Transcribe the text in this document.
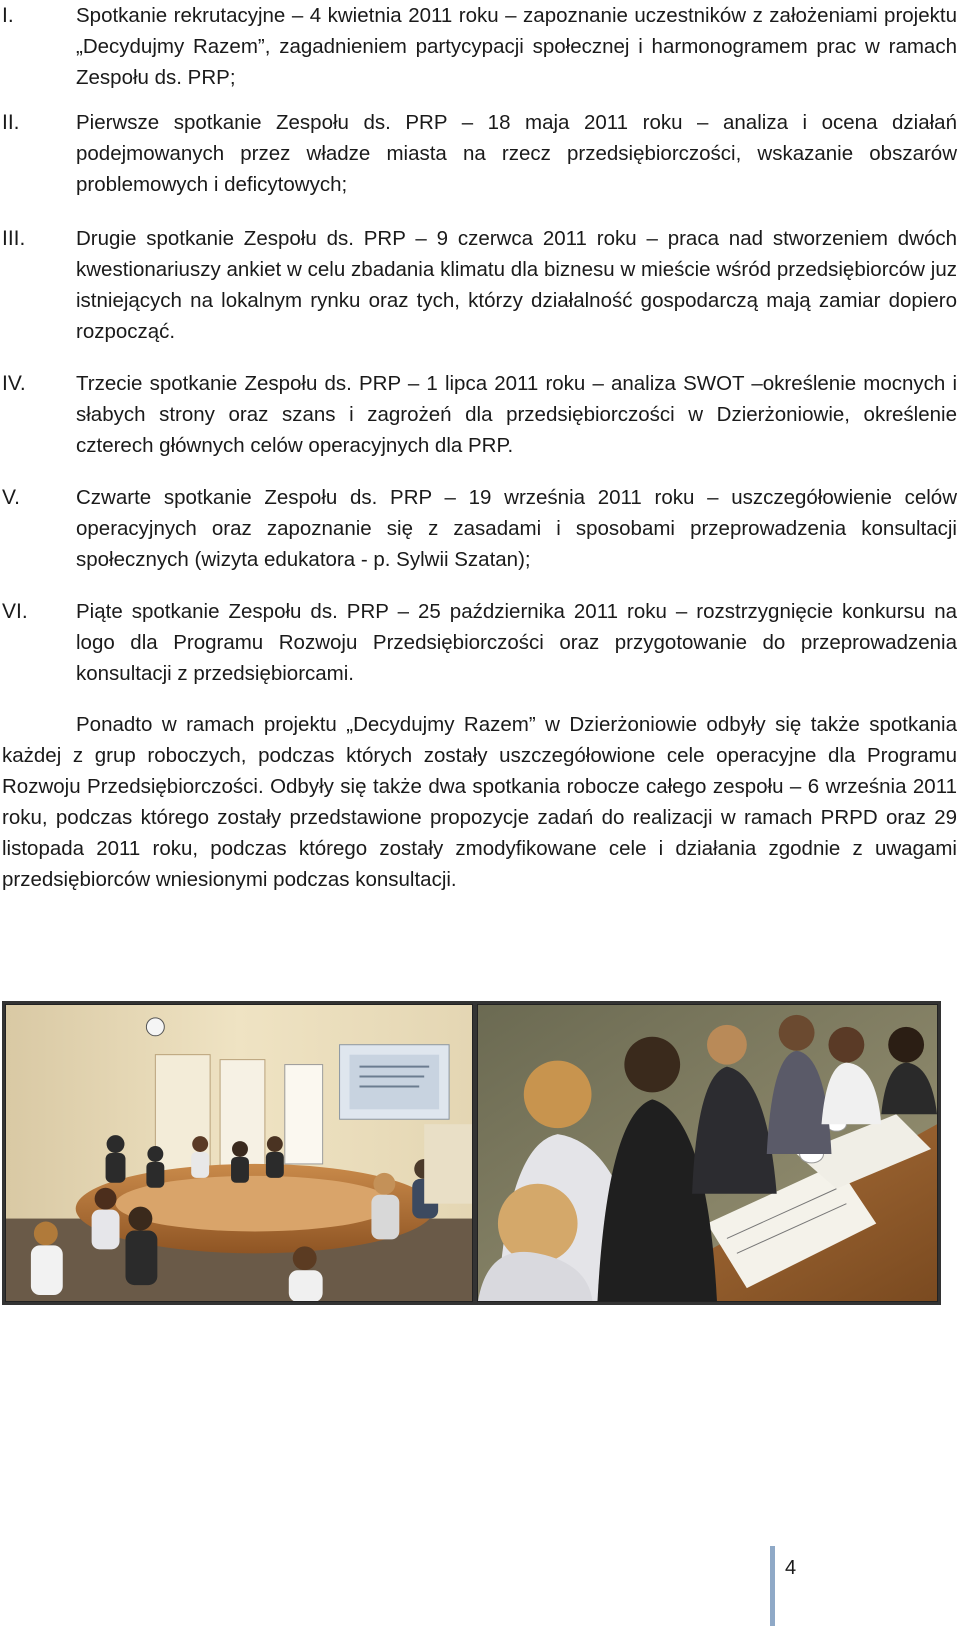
I.	Spotkanie rekrutacyjne – 4 kwietnia 2011 roku – zapoznanie uczestników z założeniami projektu „Decydujmy Razem”, zagadnieniem partycypacji społecznej i harmonogramem prac w ramach Zespołu ds. PRP;
II.	Pierwsze spotkanie Zespołu ds. PRP – 18 maja 2011 roku – analiza i ocena działań podejmowanych przez władze miasta na rzecz przedsiębiorczości, wskazanie obszarów problemowych i deficytowych;
III. Drugie spotkanie Zespołu ds. PRP – 9 czerwca 2011 roku – praca nad stworzeniem dwóch kwestionariuszy ankiet w celu zbadania klimatu dla biznesu w mieście wśród przedsiębiorców juz istniejących na lokalnym rynku oraz tych, którzy działalność gospodarczą mają zamiar dopiero rozpocząć.
IV. Trzecie spotkanie Zespołu ds. PRP – 1 lipca 2011 roku – analiza SWOT –określenie mocnych i słabych strony oraz szans i zagrożeń dla przedsiębiorczości w Dzierżoniowie, określenie czterech głównych celów operacyjnych dla PRP.
V.	Czwarte spotkanie Zespołu ds. PRP – 19 września 2011 roku – uszczegółowienie celów operacyjnych oraz zapoznanie się z zasadami i sposobami przeprowadzenia konsultacji społecznych (wizyta edukatora - p. Sylwii Szatan);
VI. Piąte spotkanie Zespołu ds. PRP – 25 października 2011 roku – rozstrzygnięcie konkursu na logo dla Programu Rozwoju Przedsiębiorczości oraz przygotowanie do przeprowadzenia konsultacji z przedsiębiorcami.
Ponadto w ramach projektu „Decydujmy Razem” w Dzierżoniowie odbyły się także spotkania każdej z grup roboczych, podczas których zostały uszczegółowione cele operacyjne dla Programu Rozwoju Przedsiębiorczości. Odbyły się także dwa spotkania robocze całego zespołu – 6 września 2011 roku, podczas którego zostały przedstawione propozycje zadań do realizacji w ramach PRPD oraz 29 listopada 2011 roku, podczas którego zostały zmodyfikowane cele i działania zgodnie z uwagami przedsiębiorców wniesionymi podczas konsultacji.
4
